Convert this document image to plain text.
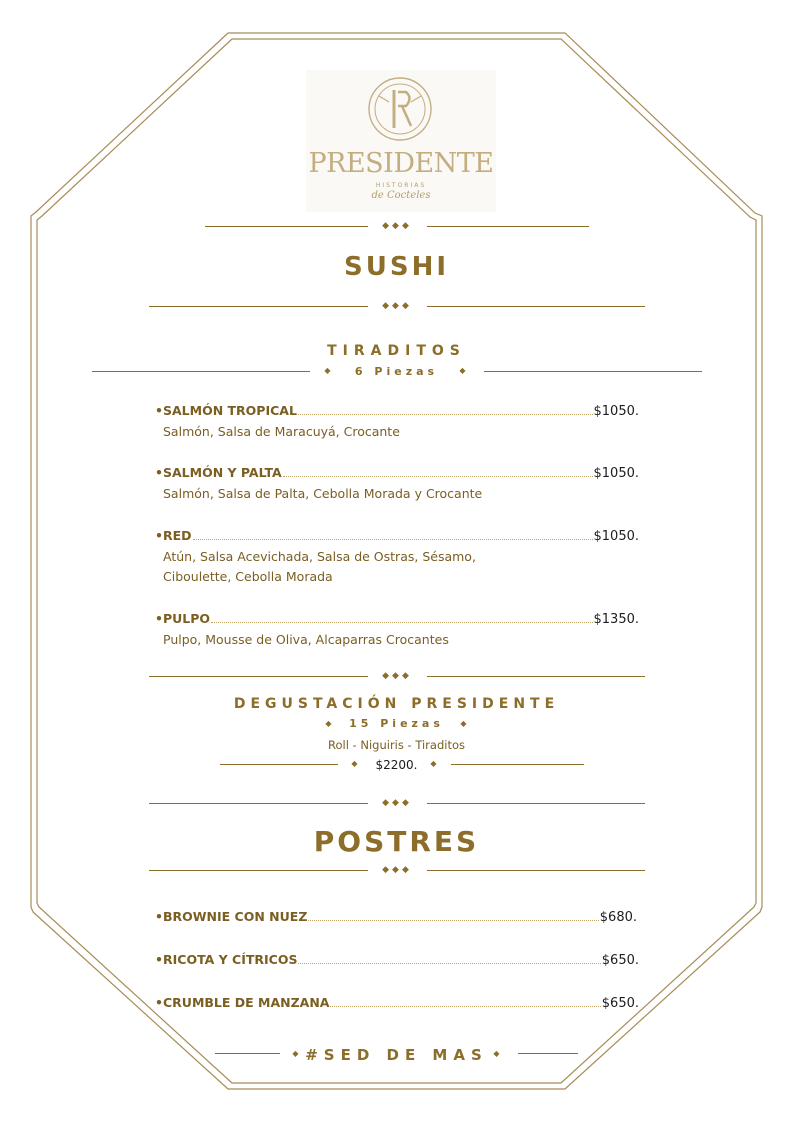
PRESIDENTE
HISTORIAS
de Cocteles
◆◆◆
SUSHI
◆◆◆
TIRADITOS
◆	6 Piezas	◆
•SALMÓN TROPICAL	$1050.
Salmón, Salsa de Maracuyá, Crocante
•SALMÓN Y PALTA	$1050.
Salmón, Salsa de Palta, Cebolla Morada y Crocante
•RED	$1050.
Atún, Salsa Acevichada, Salsa de Ostras, Sésamo,
Ciboulette, Cebolla Morada
•PULPO	$1350.
Pulpo, Mousse de Oliva, Alcaparras Crocantes
◆◆◆
DEGUSTACIÓN PRESIDENTE
◆	15 Piezas	◆
Roll - Niguiris - Tiraditos
◆	$2200.	◆
◆◆◆
POSTRES
◆◆◆
•BROWNIE CON NUEZ	$680.
•RICOTA Y CÍTRICOS	$650.
•CRUMBLE DE MANZANA	$650.
◆ #SED DE MAS ◆
